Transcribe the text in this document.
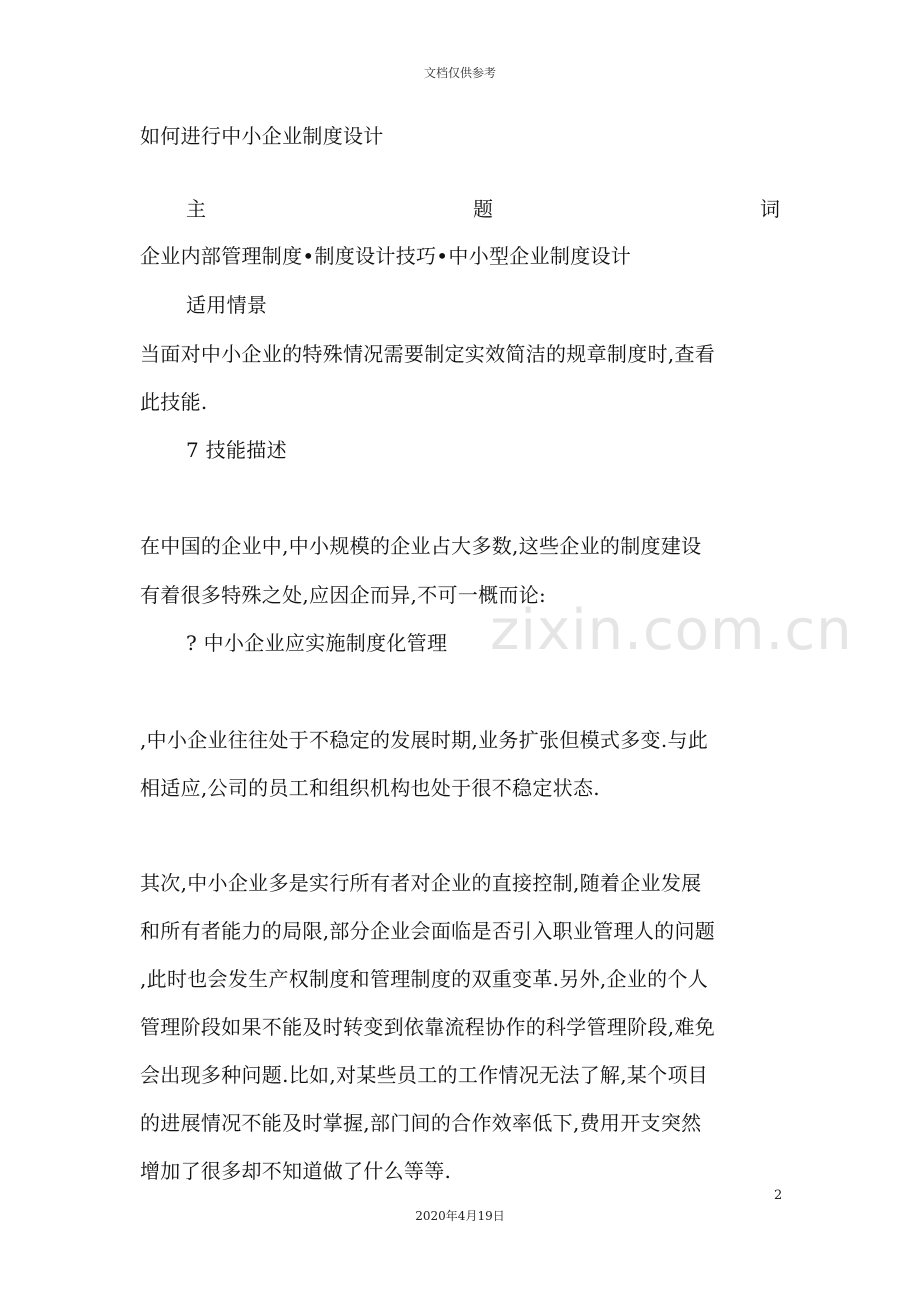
文档仅供参考
如何进行中小企业制度设计
主	题	词
企业内部管理制度•制度设计技巧•中小型企业制度设计
适用情景
当面对中小企业的特殊情况需要制定实效简洁的规章制度时,查看
此技能.
7 技能描述
在中国的企业中,中小规模的企业占大多数,这些企业的制度建设
有着很多特殊之处,应因企而异,不可一概而论:
? 中小企业应实施制度化管理
,中小企业往往处于不稳定的发展时期,业务扩张但模式多变.与此
相适应,公司的员工和组织机构也处于很不稳定状态.
其次,中小企业多是实行所有者对企业的直接控制,随着企业发展
和所有者能力的局限,部分企业会面临是否引入职业管理人的问题
,此时也会发生产权制度和管理制度的双重变革.另外,企业的个人
管理阶段如果不能及时转变到依靠流程协作的科学管理阶段,难免
会出现多种问题.比如,对某些员工的工作情况无法了解,某个项目
的进展情况不能及时掌握,部门间的合作效率低下,费用开支突然
增加了很多却不知道做了什么等等.
zixin.com.cn
2
2020年4月19日
